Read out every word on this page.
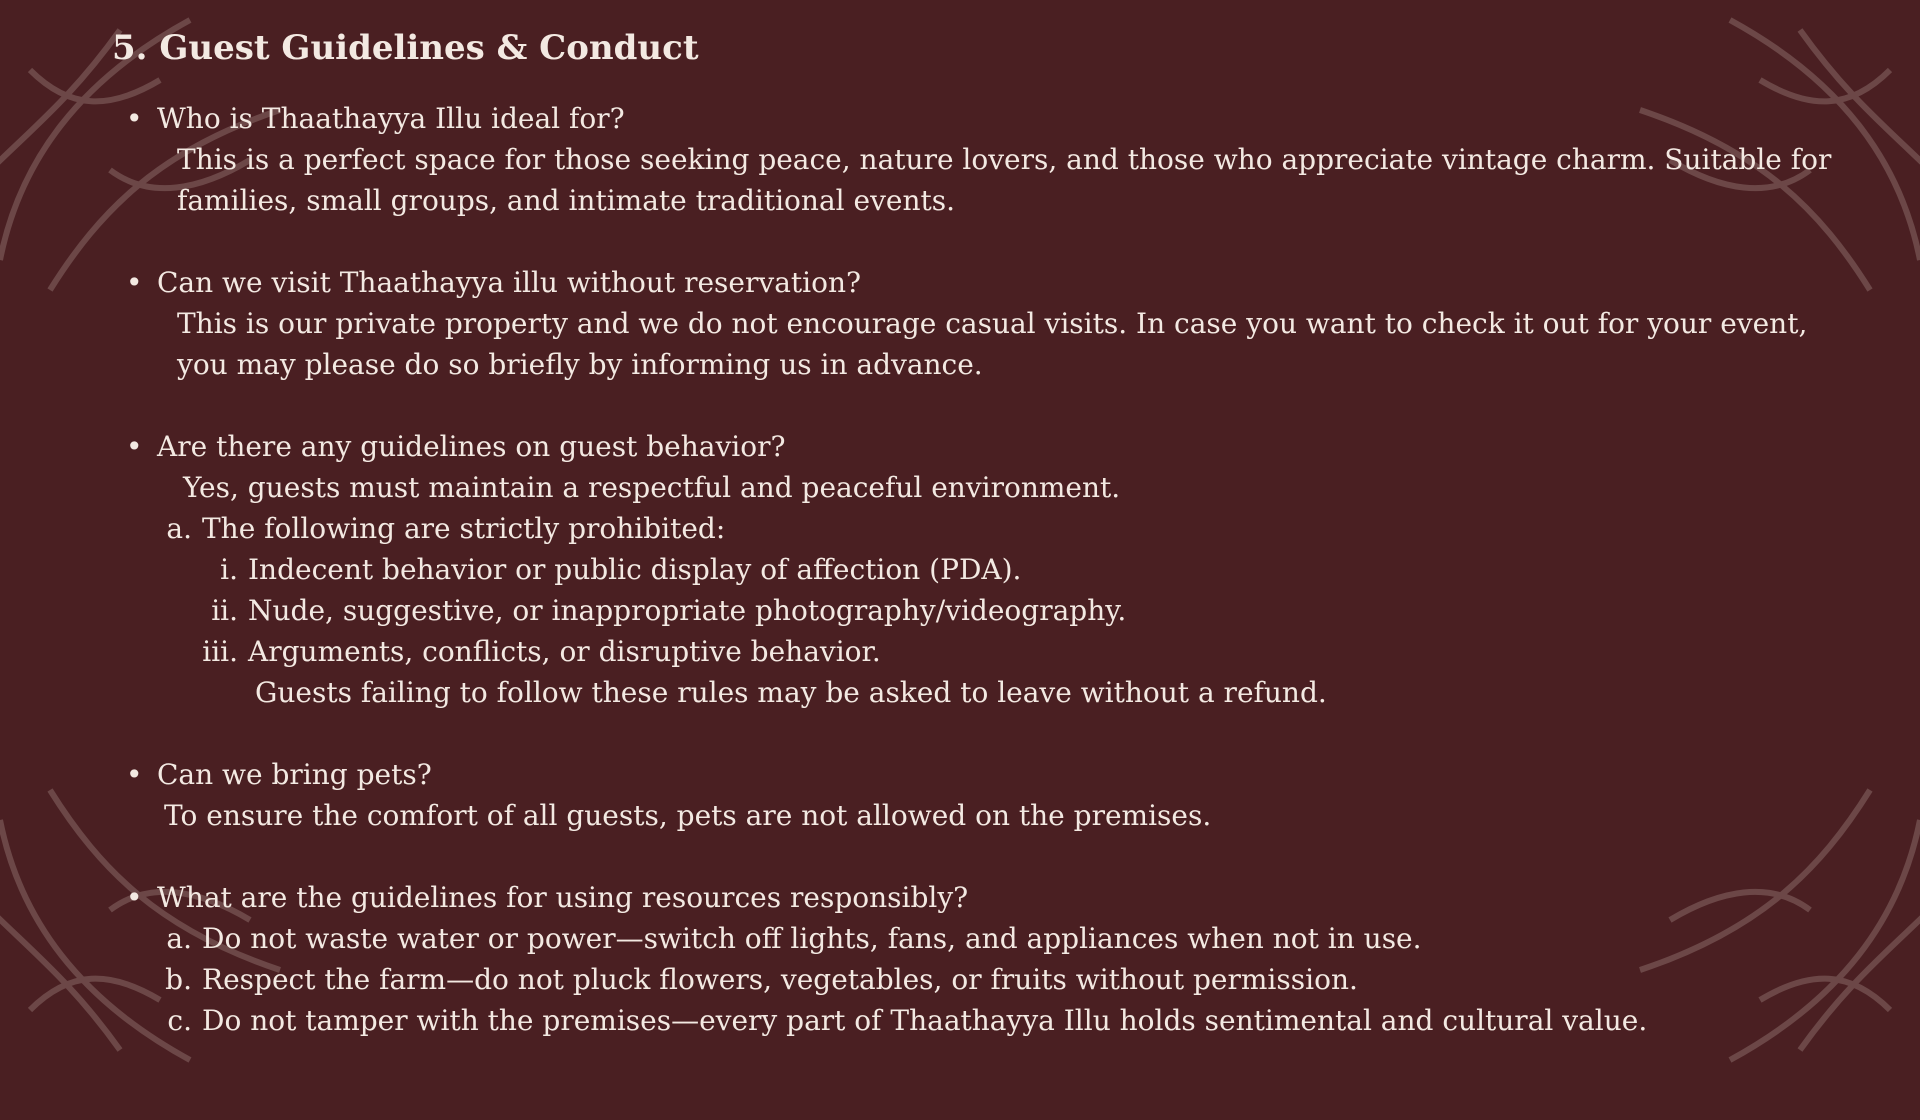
5. Guest Guidelines & Conduct
• Who is Thaathayya Illu ideal for?
This is a perfect space for those seeking peace, nature lovers, and those who appreciate vintage charm. Suitable for families, small groups, and intimate traditional events.
• Can we visit Thaathayya illu without reservation?
This is our private property and we do not encourage casual visits. In case you want to check it out for your event, you may please do so briefly by informing us in advance.
• Are there any guidelines on guest behavior?
Yes, guests must maintain a respectful and peaceful environment.
a. The following are strictly prohibited:
i. Indecent behavior or public display of affection (PDA).
ii. Nude, suggestive, or inappropriate photography/videography.
iii. Arguments, conflicts, or disruptive behavior.
Guests failing to follow these rules may be asked to leave without a refund.
• Can we bring pets?
To ensure the comfort of all guests, pets are not allowed on the premises.
• What are the guidelines for using resources responsibly?
a. Do not waste water or power—switch off lights, fans, and appliances when not in use.
b. Respect the farm—do not pluck flowers, vegetables, or fruits without permission.
c. Do not tamper with the premises—every part of Thaathayya Illu holds sentimental and cultural value.
